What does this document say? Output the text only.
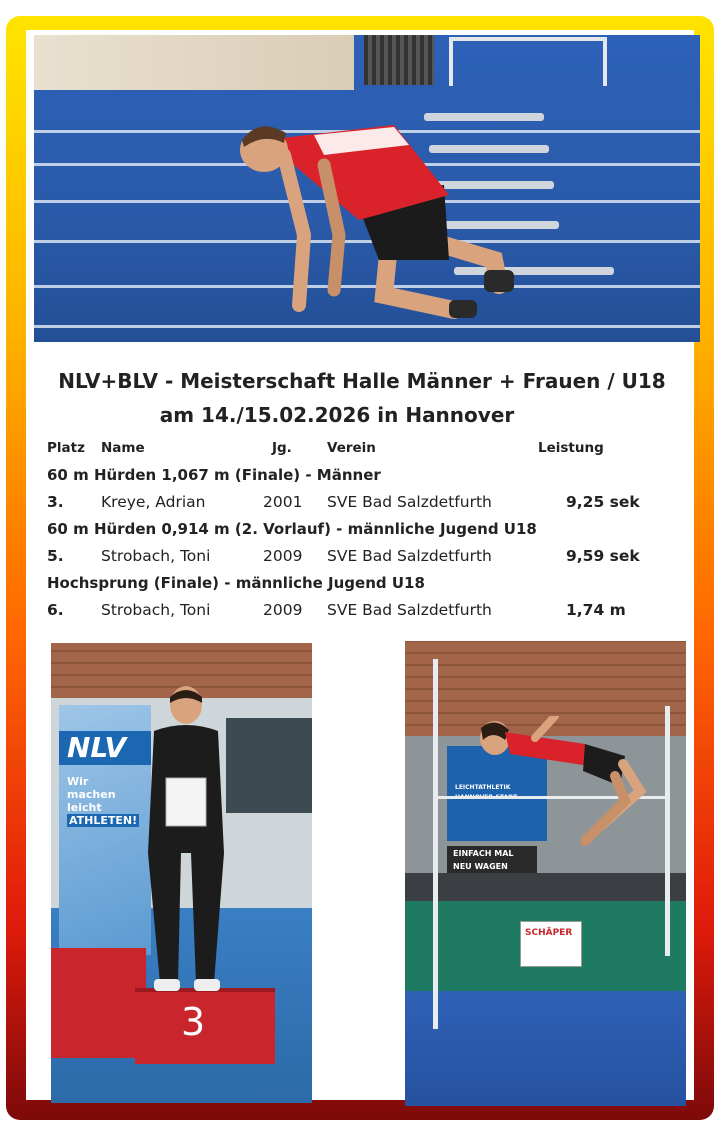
NLV+BLV - Meisterschaft Halle Männer + Frauen / U18

am 14./15.02.2026 in Hannover
Platz Name	Jg.	Verein	Leistung
60 m Hürden 1,067 m (Finale) - Männer
3. Kreye, Adrian	2001 SVE Bad Salzdetfurth	9,25 sek
60 m Hürden 0,914 m (2. Vorlauf) - männliche Jugend U18
5. Strobach, Toni	2009 SVE Bad Salzdetfurth	9,59 sek
Hochsprung (Finale) - männliche Jugend U18
6. Strobach, Toni	2009 SVE Bad Salzdetfurth	1,74 m
NLV
Wir
machen
leicht
ATHLETEN!
3
LEICHTATHLETIK
EINFACH MAL
NEU WAGEN
SCHÄPER
